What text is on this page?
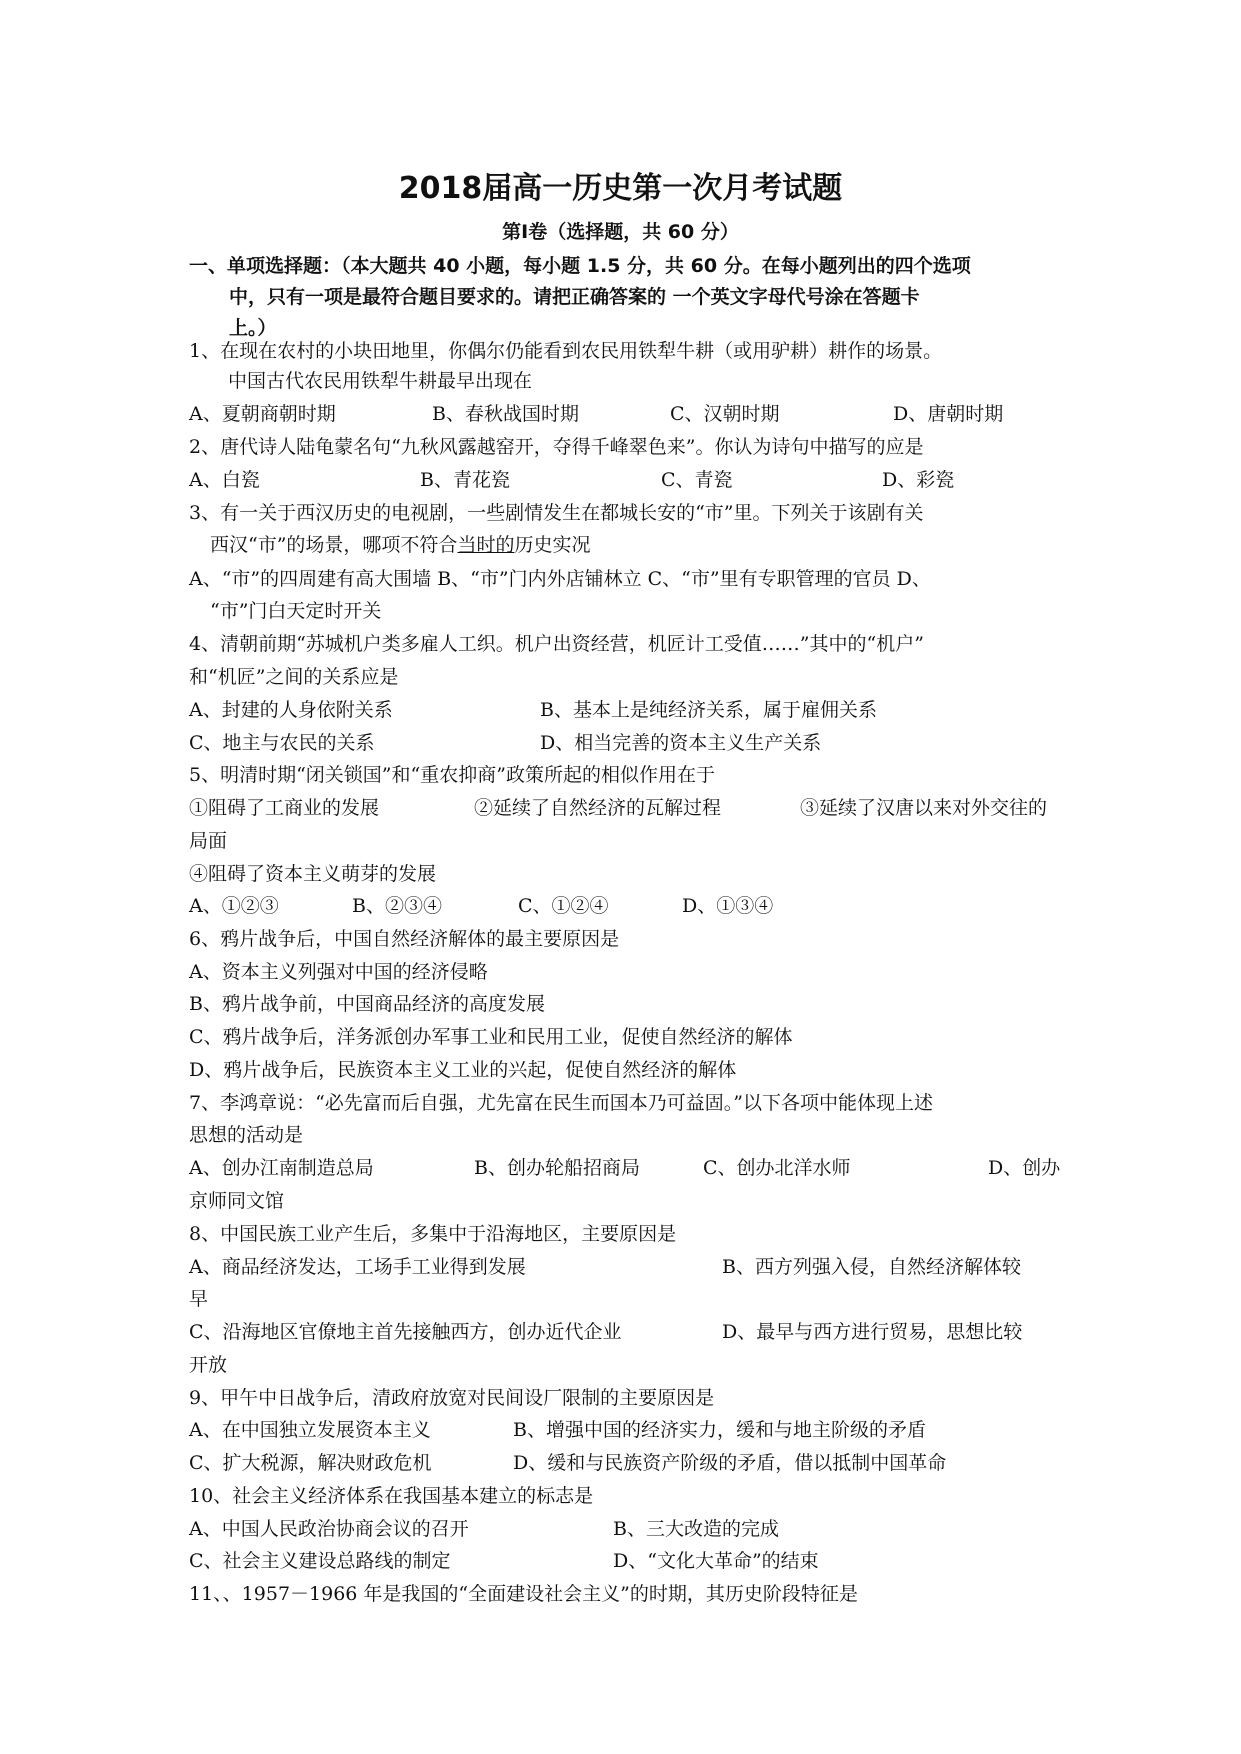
2018届高一历史第一次月考试题
第Ⅰ卷（选择题，共 60 分）
一、单项选择题：（本大题共 40 小题，每小题 1.5 分，共 60 分。在每小题列出的四个选项
中，只有一项是最符合题目要求的。请把正确答案的 一个英文字母代号涂在答题卡
上。）
1、在现在农村的小块田地里，你偶尔仍能看到农民用铁犁牛耕（或用驴耕）耕作的场景。
中国古代农民用铁犁牛耕最早出现在
A、夏朝商朝时期	B、春秋战国时期	C、汉朝时期	D、唐朝时期
2、唐代诗人陆龟蒙名句“九秋风露越窑开，夺得千峰翠色来”。你认为诗句中描写的应是
A、白瓷	B、青花瓷	C、青瓷	D、彩瓷
3、有一关于西汉历史的电视剧，一些剧情发生在都城长安的“市”里。下列关于该剧有关
西汉“市”的场景，哪项不符合当时的历史实况
A、“市”的四周建有高大围墙 B、“市”门内外店铺林立 C、“市”里有专职管理的官员 D、
“市”门白天定时开关
4、清朝前期“苏城机户类多雇人工织。机户出资经营，机匠计工受值……”其中的“机户”
和“机匠”之间的关系应是
A、封建的人身依附关系	B、基本上是纯经济关系，属于雇佣关系
C、地主与农民的关系	D、相当完善的资本主义生产关系
5、明清时期“闭关锁国”和“重农抑商”政策所起的相似作用在于
①阻碍了工商业的发展	②延续了自然经济的瓦解过程	③延续了汉唐以来对外交往的
局面
④阻碍了资本主义萌芽的发展
A、①②③	B、②③④	C、①②④	D、①③④
6、鸦片战争后，中国自然经济解体的最主要原因是
A、资本主义列强对中国的经济侵略
B、鸦片战争前，中国商品经济的高度发展
C、鸦片战争后，洋务派创办军事工业和民用工业，促使自然经济的解体
D、鸦片战争后，民族资本主义工业的兴起，促使自然经济的解体
7、李鸿章说：“必先富而后自强，尤先富在民生而国本乃可益固。”以下各项中能体现上述
思想的活动是
A、创办江南制造总局	B、创办轮船招商局	C、创办北洋水师	D、创办
京师同文馆
8、中国民族工业产生后，多集中于沿海地区，主要原因是
A、商品经济发达，工场手工业得到发展	B、西方列强入侵，自然经济解体较
早
C、沿海地区官僚地主首先接触西方，创办近代企业	D、最早与西方进行贸易，思想比较
开放
9、甲午中日战争后，清政府放宽对民间设厂限制的主要原因是
A、在中国独立发展资本主义	B、增强中国的经济实力，缓和与地主阶级的矛盾
C、扩大税源，解决财政危机	D、缓和与民族资产阶级的矛盾，借以抵制中国革命
10、社会主义经济体系在我国基本建立的标志是
A、中国人民政治协商会议的召开	B、三大改造的完成
C、社会主义建设总路线的制定	D、“文化大革命”的结束
11、、1957－1966 年是我国的“全面建设社会主义”的时期，其历史阶段特征是
